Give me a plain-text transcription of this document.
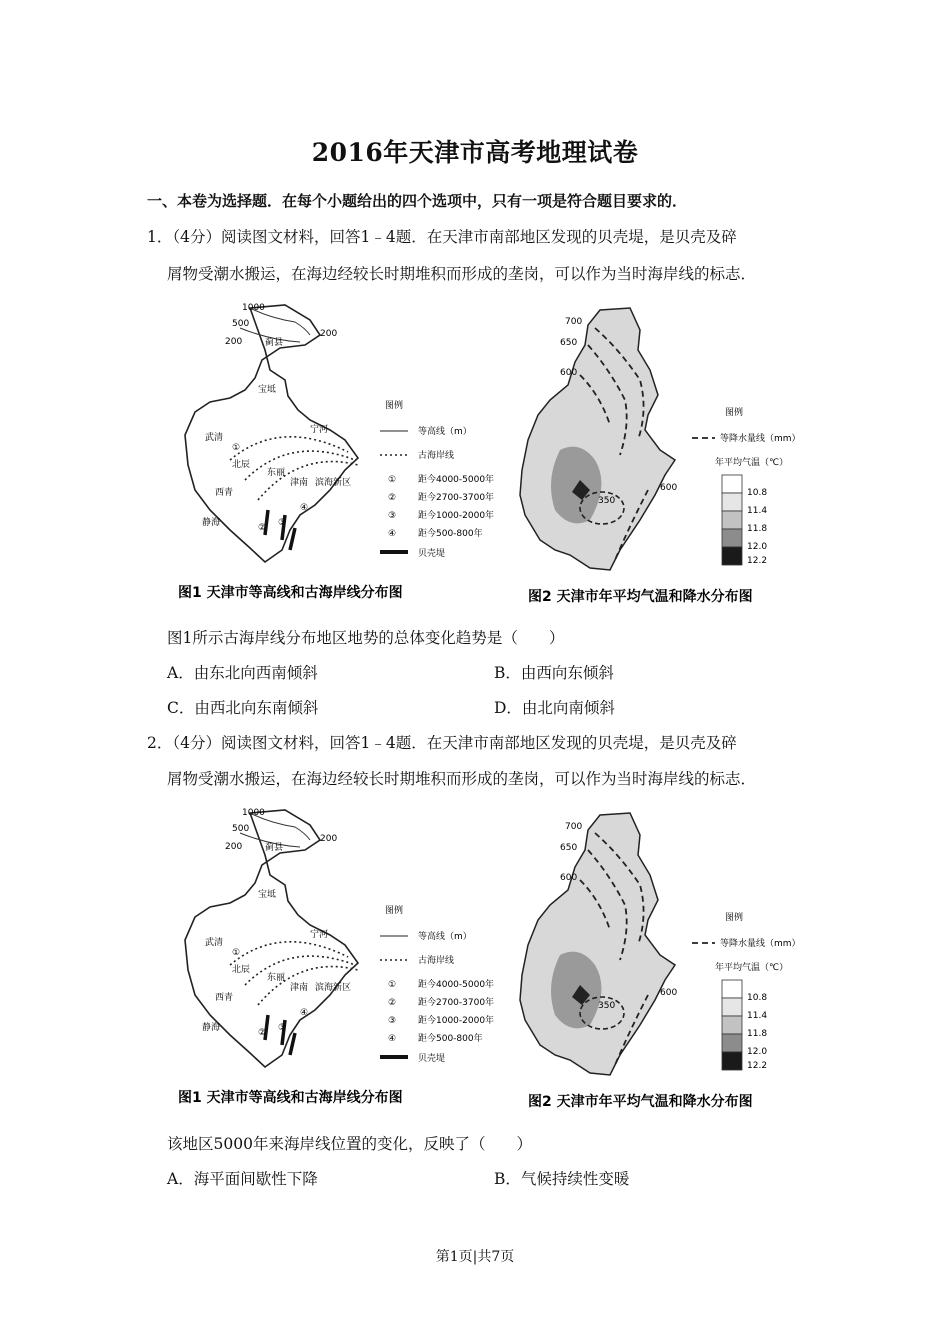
2016年天津市高考地理试卷
一、本卷为选择题．在每个小题给出的四个选项中，只有一项是符合题目要求的．
1．（4分）阅读图文材料，回答1﹣4题．在天津市南部地区发现的贝壳堤，是贝壳及碎
屑物受潮水搬运，在海边经较长时期堆积而形成的垄岗，可以作为当时海岸线的标志．
1000
500
200
200
蓟县
宝坻
宁河
武清
北辰
西青
东丽
津南 滨海新区
静海	② ③
④
①
图例
等高线（m）
古海岸线
① 距今4000-5000年
② 距今2700-3700年
③ 距今1000-2000年
④ 距今500-800年
贝壳堤
700
650
600
350
600
图例
等降水量线（mm）
年平均气温（℃）
10.8
11.4
11.8
12.0
12.2
图1 天津市等高线和古海岸线分布图	图2 天津市年平均气温和降水分布图
图1所示古海岸线分布地区地势的总体变化趋势是（　　）
A．由东北向西南倾斜	B．由西向东倾斜
C．由西北向东南倾斜	D．由北向南倾斜
2．（4分）阅读图文材料，回答1﹣4题．在天津市南部地区发现的贝壳堤，是贝壳及碎
屑物受潮水搬运，在海边经较长时期堆积而形成的垄岗，可以作为当时海岸线的标志．
1000
500
200
200
蓟县
宝坻
宁河
武清
北辰
西青
东丽
津南 滨海新区
静海	② ③
④
①
图例
等高线（m）
古海岸线
① 距今4000-5000年
② 距今2700-3700年
③ 距今1000-2000年
④ 距今500-800年
贝壳堤
700
650
600
350
600
图例
等降水量线（mm）
年平均气温（℃）
10.8
11.4
11.8
12.0
12.2
图1 天津市等高线和古海岸线分布图	图2 天津市年平均气温和降水分布图
该地区5000年来海岸线位置的变化，反映了（　　）
A．海平面间歇性下降	B．气候持续性变暖
第1页|共7页
